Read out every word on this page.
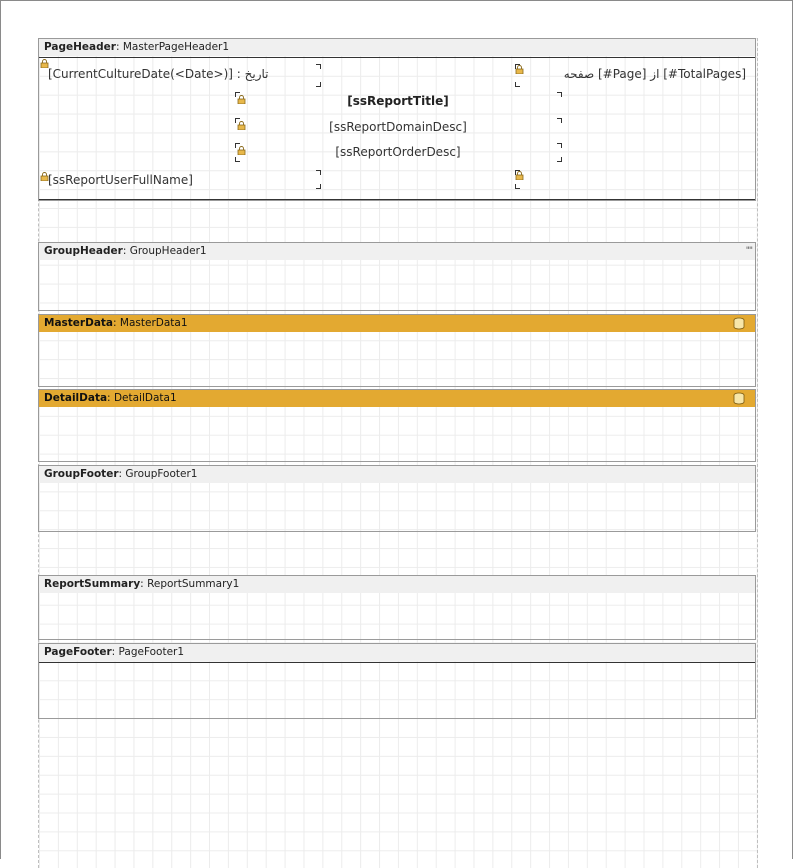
PageHeader: MasterPageHeader1
[CurrentCultureDate(<Date>)] : تاریخ	صفحه [#Page] از [#TotalPages]
[ssReportTitle]
[ssReportDomainDesc]
[ssReportOrderDesc]
[ssReportUserFullName]
GroupHeader: GroupHeader1	""
MasterData: MasterData1
DetailData: DetailData1
GroupFooter: GroupFooter1
ReportSummary: ReportSummary1
PageFooter: PageFooter1
